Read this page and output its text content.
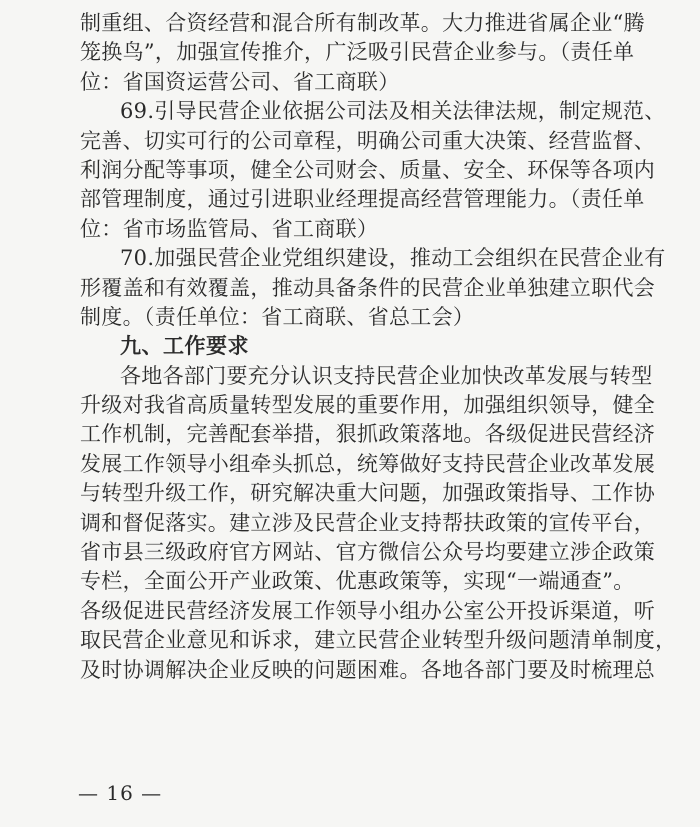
制重组、合资经营和混合所有制改革。大力推进省属企业“腾
笼换鸟”，加强宣传推介，广泛吸引民营企业参与。（责任单
位：省国资运营公司、省工商联）
69.引导民营企业依据公司法及相关法律法规，制定规范、
完善、切实可行的公司章程，明确公司重大决策、经营监督、
利润分配等事项，健全公司财会、质量、安全、环保等各项内
部管理制度，通过引进职业经理提高经营管理能力。（责任单
位：省市场监管局、省工商联）
70.加强民营企业党组织建设，推动工会组织在民营企业有
形覆盖和有效覆盖，推动具备条件的民营企业单独建立职代会
制度。（责任单位：省工商联、省总工会）
九、工作要求
各地各部门要充分认识支持民营企业加快改革发展与转型
升级对我省高质量转型发展的重要作用，加强组织领导，健全
工作机制，完善配套举措，狠抓政策落地。各级促进民营经济
发展工作领导小组牵头抓总，统筹做好支持民营企业改革发展
与转型升级工作，研究解决重大问题，加强政策指导、工作协
调和督促落实。建立涉及民营企业支持帮扶政策的宣传平台，
省市县三级政府官方网站、官方微信公众号均要建立涉企政策
专栏，全面公开产业政策、优惠政策等，实现“一端通查”。
各级促进民营经济发展工作领导小组办公室公开投诉渠道，听
取民营企业意见和诉求，建立民营企业转型升级问题清单制度，
及时协调解决企业反映的问题困难。各地各部门要及时梳理总
— 16 —
